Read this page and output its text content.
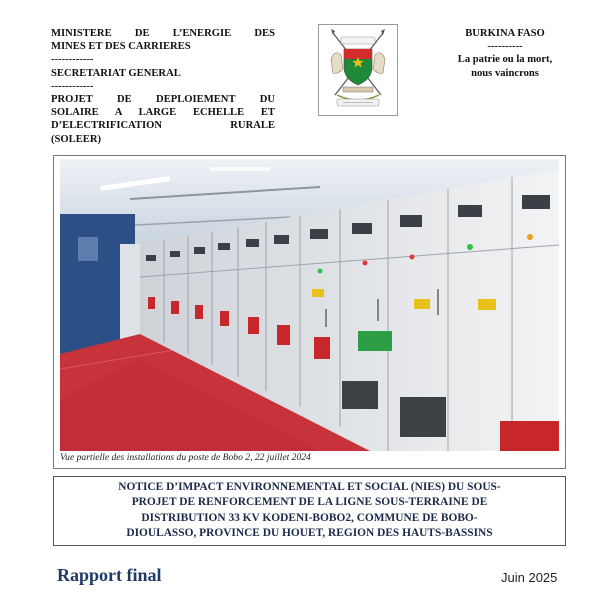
MINISTERE DE L’ENERGIE DES
MINES ET DES CARRIERES
------------
SECRETARIAT GENERAL
------------
PROJET DE DEPLOIEMENT DU
SOLAIRE A LARGE ECHELLE ET
D’ELECTRIFICATION RURALE
(SOLEER)
BURKINA FASO
----------
La patrie ou la mort,
nous vaincrons
Vue partielle des installations du poste de Bobo 2, 22 juillet 2024
NOTICE D’IMPACT ENVIRONNEMENTAL ET SOCIAL (NIES) DU SOUS-
PROJET DE RENFORCEMENT DE LA LIGNE SOUS-TERRAINE DE
DISTRIBUTION 33 KV KODENI-BOBO2, COMMUNE DE BOBO-
DIOULASSO, PROVINCE DU HOUET, REGION DES HAUTS-BASSINS
Rapport final	Juin 2025
